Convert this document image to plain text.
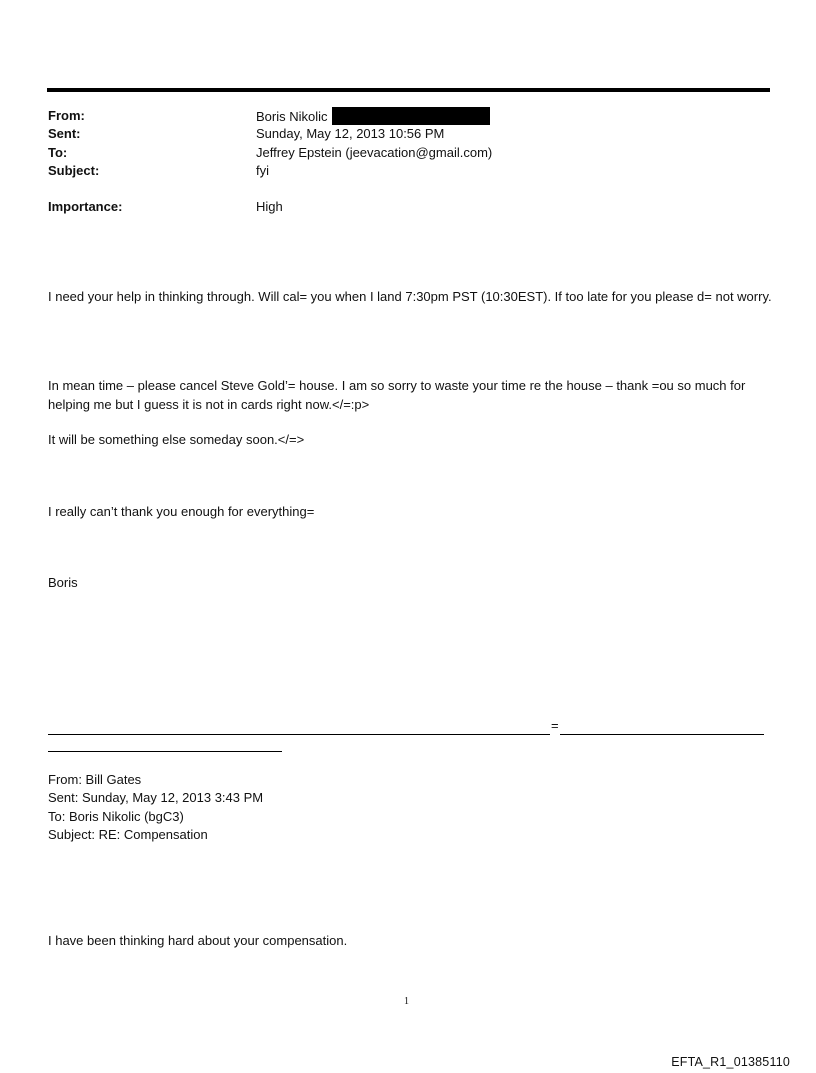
From:	Boris Nikolic
Sent:	Sunday, May 12, 2013 10:56 PM
To:	Jeffrey Epstein (jeevacation@gmail.com)
Subject:	fyi
Importance:	High
I need your help in thinking through. Will cal= you when I land 7:30pm PST (10:30EST). If too late for you please d= not worry.
In mean time – please cancel Steve Gold’= house. I am so sorry to waste your time re the house – thank =ou so much for helping me but I guess it is not in cards right now.</=:p>
It will be something else someday soon.</=>
I really can’t thank you enough for everything=
Boris
=
From: Bill Gates
Sent: Sunday, May 12, 2013 3:43 PM
To: Boris Nikolic (bgC3)
Subject: RE: Compensation
I have been thinking hard about your compensation.
1
EFTA_R1_01385110
